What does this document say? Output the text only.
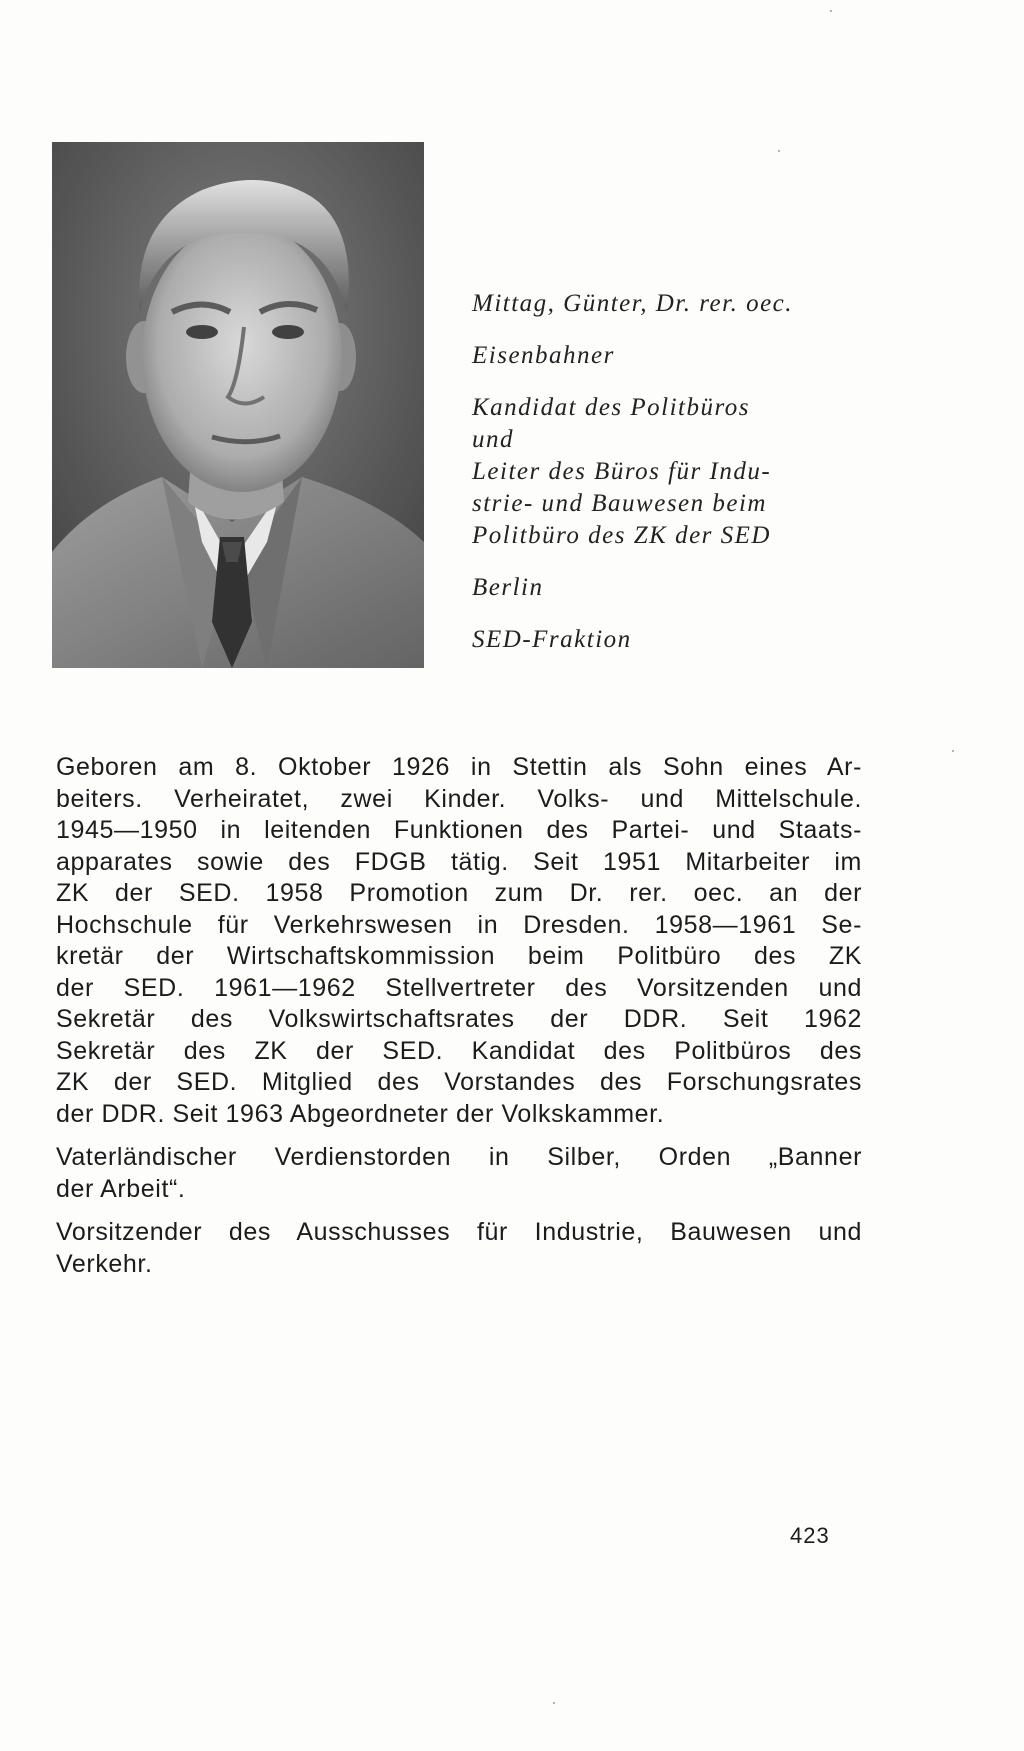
Mittag, Günter, Dr. rer. oec.
Eisenbahner
Kandidat des Politbüros
und
Leiter des Büros für Indu-
strie- und Bauwesen beim
Politbüro des ZK der SED
Berlin
SED-Fraktion
Geboren am 8. Oktober 1926 in Stettin als Sohn eines Ar-
beiters. Verheiratet, zwei Kinder. Volks- und Mittelschule.
1945—1950 in leitenden Funktionen des Partei- und Staats-
apparates sowie des FDGB tätig. Seit 1951 Mitarbeiter im
ZK der SED. 1958 Promotion zum Dr. rer. oec. an der
Hochschule für Verkehrswesen in Dresden. 1958—1961 Se-
kretär der Wirtschaftskommission beim Politbüro des ZK
der SED. 1961—1962 Stellvertreter des Vorsitzenden und
Sekretär des Volkswirtschaftsrates der DDR. Seit 1962
Sekretär des ZK der SED. Kandidat des Politbüros des
ZK der SED. Mitglied des Vorstandes des Forschungsrates
der DDR. Seit 1963 Abgeordneter der Volkskammer.
Vaterländischer Verdienstorden in Silber, Orden „Banner
der Arbeit“.
Vorsitzender des Ausschusses für Industrie, Bauwesen und
Verkehr.
423
